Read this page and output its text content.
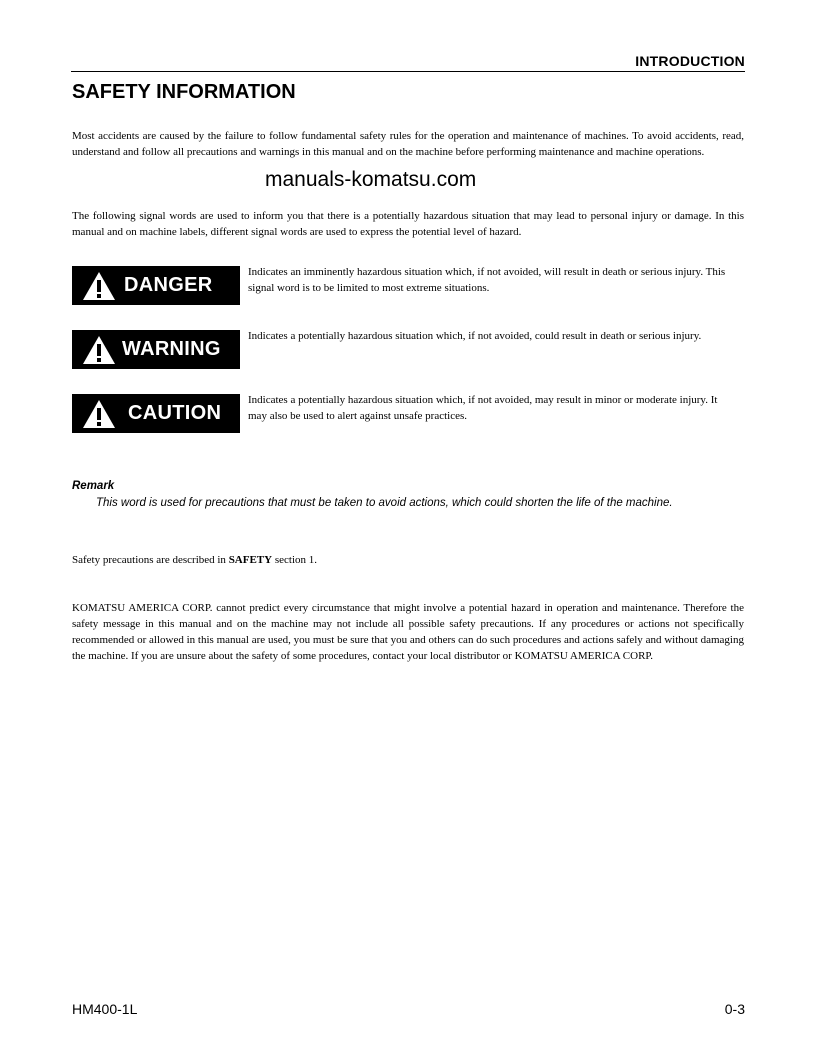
INTRODUCTION
SAFETY INFORMATION
Most accidents are caused by the failure to follow fundamental safety rules for the operation and maintenance of machines. To avoid accidents, read, understand and follow all precautions and warnings in this manual and on the machine before performing maintenance and machine operations.
manuals-komatsu.com
The following signal words are used to inform you that there is a potentially hazardous situation that may lead to personal injury or damage. In this manual and on machine labels, different signal words are used to express the potential level of hazard.
DANGER
Indicates an imminently hazardous situation which, if not avoided, will result in death or serious injury. This signal word is to be limited to most extreme situations.
WARNING
Indicates a potentially hazardous situation which, if not avoided, could result in death or serious injury.
CAUTION
Indicates a potentially hazardous situation which, if not avoided, may result in minor or moderate injury. It may also be used to alert against unsafe practices.
Remark
This word is used for precautions that must be taken to avoid actions, which could shorten the life of the machine.
Safety precautions are described in SAFETY section 1.
KOMATSU AMERICA CORP. cannot predict every circumstance that might involve a potential hazard in operation and maintenance. Therefore the safety message in this manual and on the machine may not include all possible safety precautions. If any procedures or actions not specifically recommended or allowed in this manual are used, you must be sure that you and others can do such procedures and actions safely and without damaging the machine. If you are unsure about the safety of some procedures, contact your local distributor or KOMATSU AMERICA CORP.
HM400-1L	0-3
